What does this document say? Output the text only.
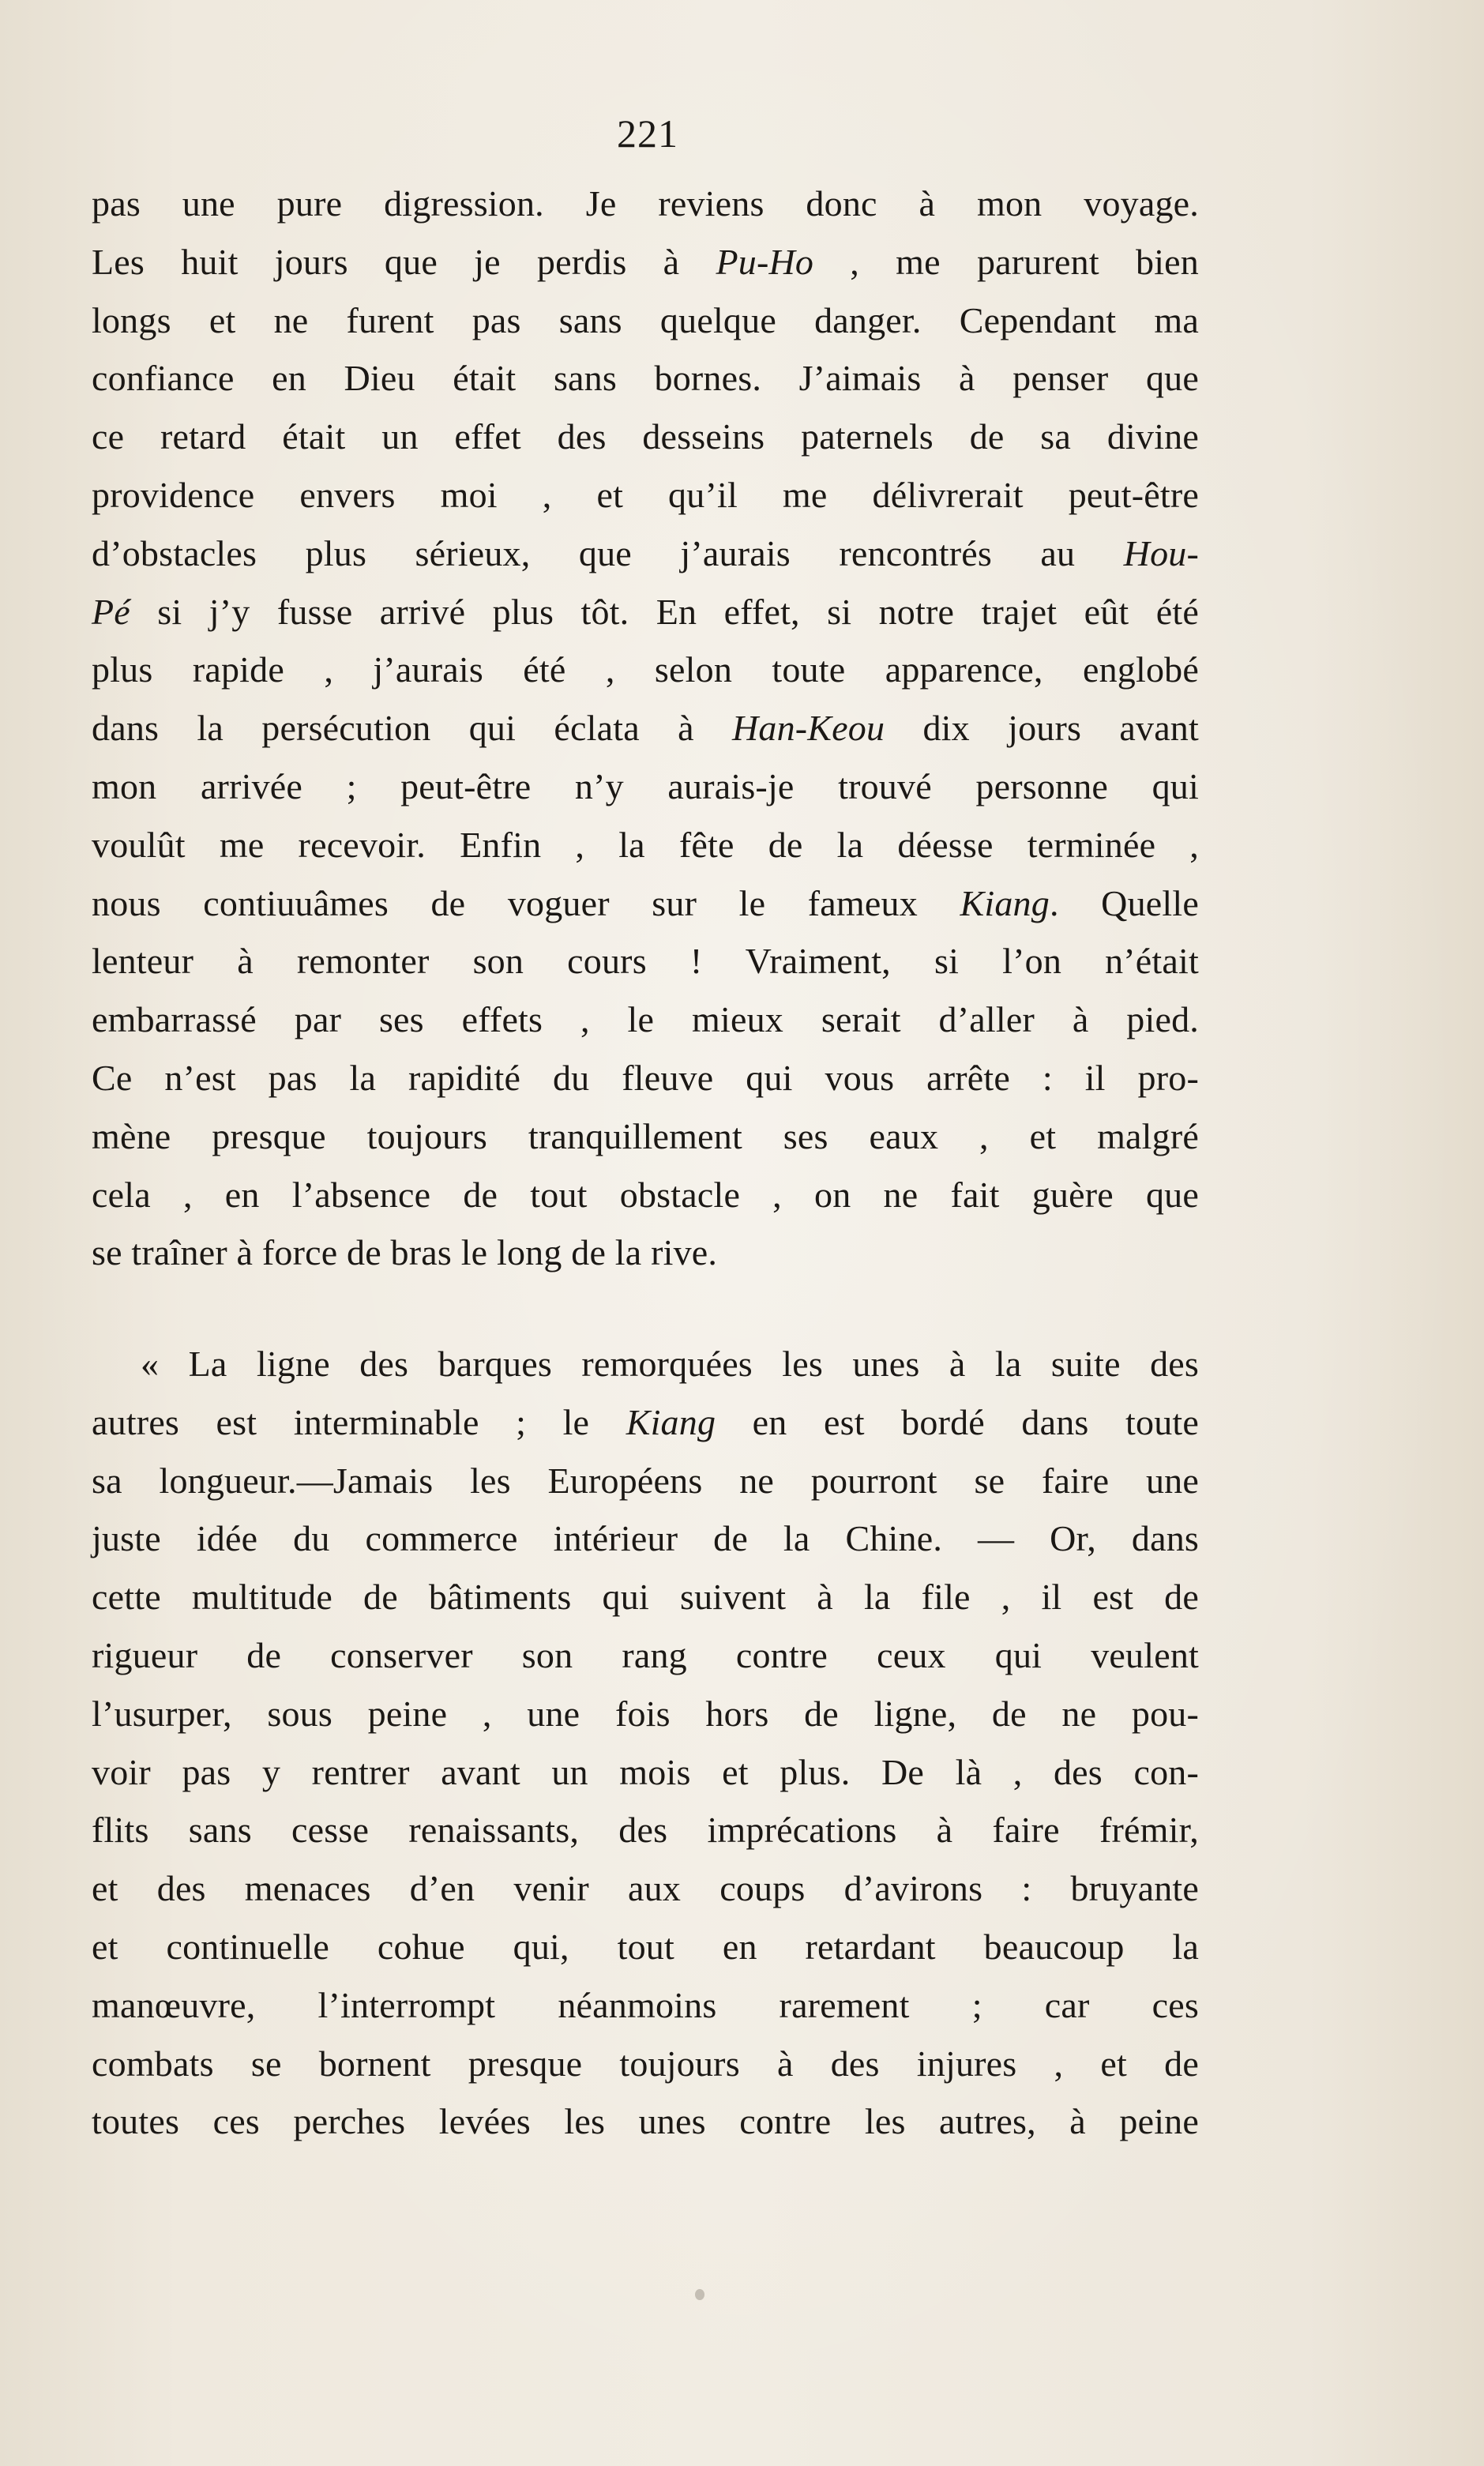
221
pas une pure digression. Je reviens donc à mon voyage.
Les huit jours que je perdis à Pu-Ho , me parurent bien
longs et ne furent pas sans quelque danger. Cependant ma
confiance en Dieu était sans bornes. J’aimais à penser que
ce retard était un effet des desseins paternels de sa divine
providence envers moi , et qu’il me délivrerait peut-être
d’obstacles plus sérieux, que j’aurais rencontrés au Hou-
Pé si j’y fusse arrivé plus tôt. En effet, si notre trajet eût été
plus rapide , j’aurais été , selon toute apparence, englobé
dans la persécution qui éclata à Han-Keou dix jours avant
mon arrivée ; peut-être n’y aurais-je trouvé personne qui
voulût me recevoir. Enfin , la fête de la déesse terminée ,
nous contiuuâmes de voguer sur le fameux Kiang. Quelle
lenteur à remonter son cours ! Vraiment, si l’on n’était
embarrassé par ses effets , le mieux serait d’aller à pied.
Ce n’est pas la rapidité du fleuve qui vous arrête : il pro-
mène presque toujours tranquillement ses eaux , et malgré
cela , en l’absence de tout obstacle , on ne fait guère que
se traîner à force de bras le long de la rive.
« La ligne des barques remorquées les unes à la suite des
autres est interminable ; le Kiang en est bordé dans toute
sa longueur.—Jamais les Européens ne pourront se faire une
juste idée du commerce intérieur de la Chine. — Or, dans
cette multitude de bâtiments qui suivent à la file , il est de
rigueur de conserver son rang contre ceux qui veulent
l’usurper, sous peine , une fois hors de ligne, de ne pou-
voir pas y rentrer avant un mois et plus. De là , des con-
flits sans cesse renaissants, des imprécations à faire frémir,
et des menaces d’en venir aux coups d’avirons : bruyante
et continuelle cohue qui, tout en retardant beaucoup la
manœuvre, l’interrompt néanmoins rarement ; car ces
combats se bornent presque toujours à des injures , et de
toutes ces perches levées les unes contre les autres, à peine
